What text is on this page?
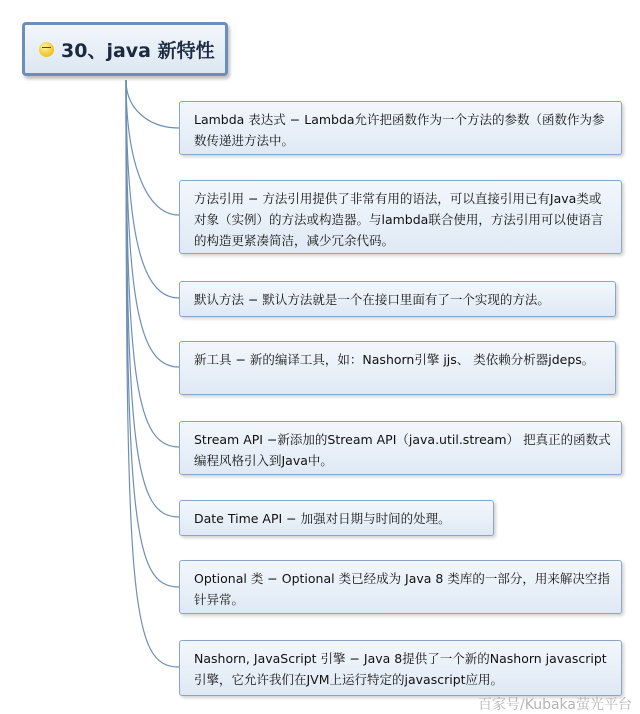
30、java 新特性
Lambda 表达式 − Lambda允许把函数作为一个方法的参数（函数作为参数传递进方法中。
方法引用 − 方法引用提供了非常有用的语法，可以直接引用已有Java类或对象（实例）的方法或构造器。与lambda联合使用，方法引用可以使语言的构造更紧凑简洁，减少冗余代码。
默认方法 − 默认方法就是一个在接口里面有了一个实现的方法。
新工具 − 新的编译工具，如：Nashorn引擎 jjs、 类依赖分析器jdeps。
Stream API −新添加的Stream API（java.util.stream） 把真正的函数式编程风格引入到Java中。
Date Time API − 加强对日期与时间的处理。
Optional 类 − Optional 类已经成为 Java 8 类库的一部分，用来解决空指针异常。
Nashorn, JavaScript 引擎 − Java 8提供了一个新的Nashorn javascript引擎，它允许我们在JVM上运行特定的javascript应用。
百家号/Kubaka萤光平台
